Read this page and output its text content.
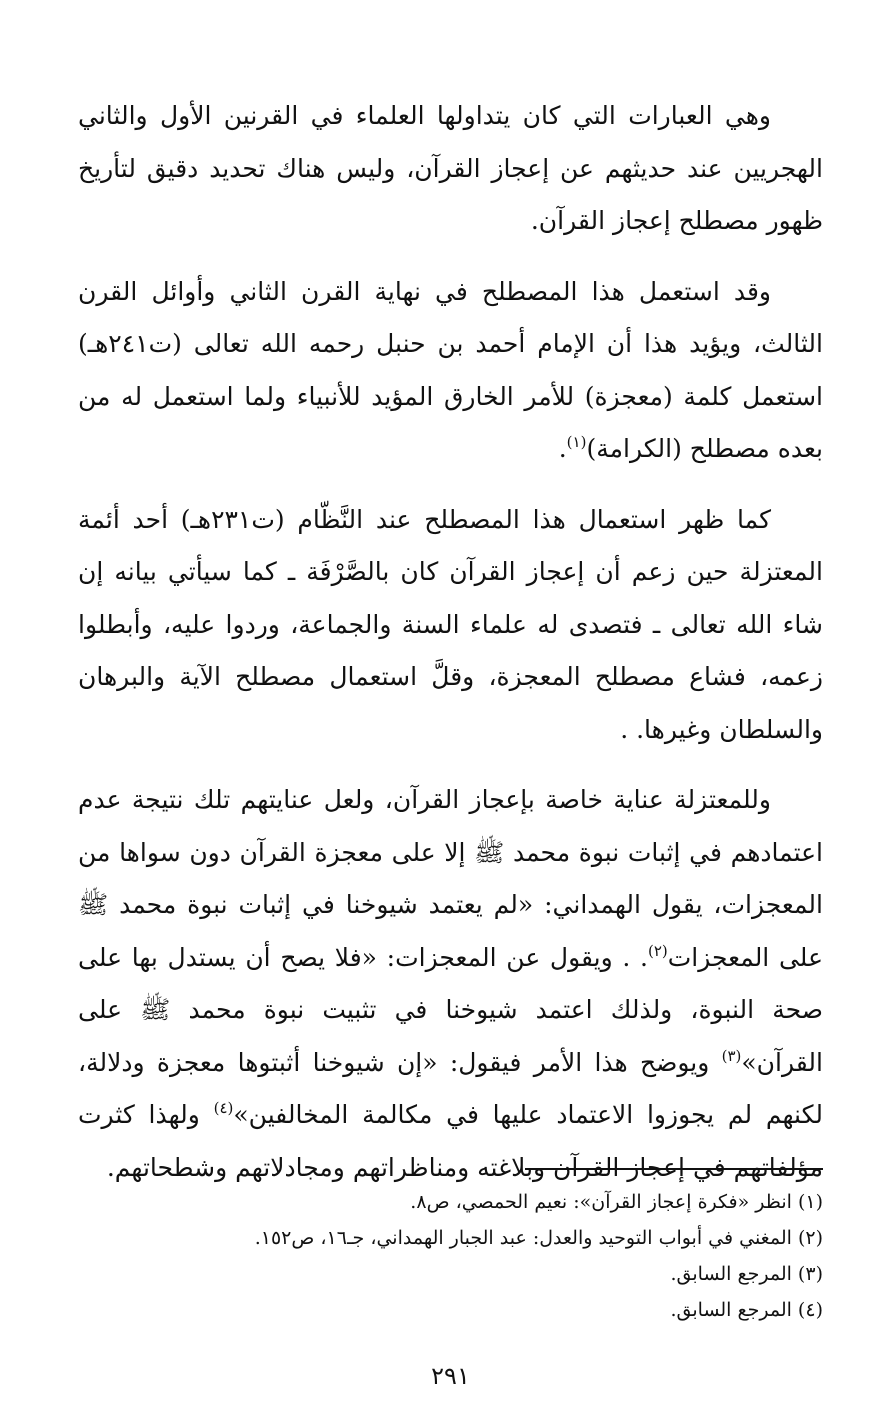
وهي العبارات التي كان يتداولها العلماء في القرنين الأول والثاني الهجريين عند حديثهم عن إعجاز القرآن، وليس هناك تحديد دقيق لتأريخ ظهور مصطلح إعجاز القرآن.

وقد استعمل هذا المصطلح في نهاية القرن الثاني وأوائل القرن الثالث، ويؤيد هذا أن الإمام أحمد بن حنبل رحمه الله تعالى (ت٢٤١هـ) استعمل كلمة (معجزة) للأمر الخارق المؤيد للأنبياء ولما استعمل له من بعده مصطلح (الكرامة)$^{(١)}$.

كما ظهر استعمال هذا المصطلح عند النَّظّام (ت٢٣١هـ) أحد أئمة المعتزلة حين زعم أن إعجاز القرآن كان بالصَّرْفَة ـ كما سيأتي بيانه إن شاء الله تعالى ـ فتصدى له علماء السنة والجماعة، وردوا عليه، وأبطلوا زعمه، فشاع مصطلح المعجزة، وقلَّ استعمال مصطلح الآية والبرهان والسلطان وغيرها. .

وللمعتزلة عناية خاصة بإعجاز القرآن، ولعل عنايتهم تلك نتيجة عدم اعتمادهم في إثبات نبوة محمد ﷺ إلا على معجزة القرآن دون سواها من المعجزات، يقول الهمداني: «لم يعتمد شيوخنا في إثبات نبوة محمد ﷺ على المعجزات$^{(٢)}$. . ويقول عن المعجزات: «فلا يصح أن يستدل بها على صحة النبوة، ولذلك اعتمد شيوخنا في تثبيت نبوة محمد ﷺ على القرآن»$^{(٣)}$ ويوضح هذا الأمر فيقول: «إن شيوخنا أثبتوها معجزة ودلالة، لكنهم لم يجوزوا الاعتماد عليها في مكالمة المخالفين»$^{(٤)}$ ولهذا كثرت مؤلفاتهم في إعجاز القرآن وبلاغته ومناظراتهم ومجادلاتهم وشطحاتهم.

(١) انظر «فكرة إعجاز القرآن»: نعيم الحمصي، ص٨.

(٢) المغني في أبواب التوحيد والعدل: عبد الجبار الهمداني، جـ١٦، ص١٥٢.

(٣) المرجع السابق.

(٤) المرجع السابق.

٢٩١
